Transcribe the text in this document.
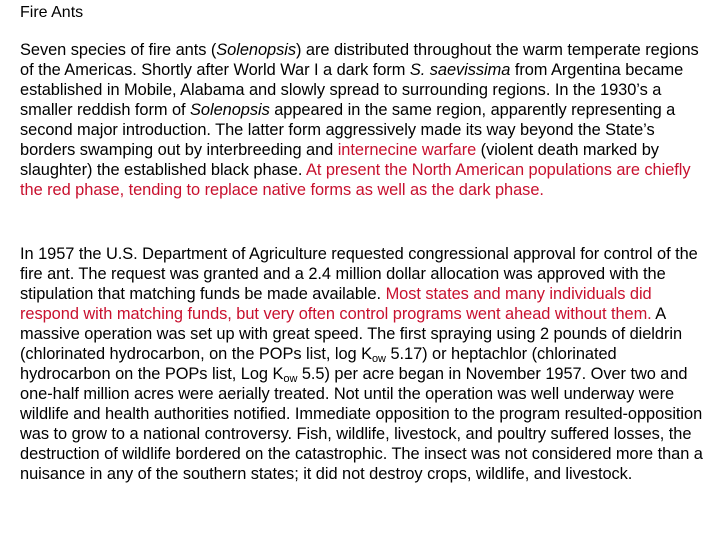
Fire Ants

Seven species of fire ants (Solenopsis) are distributed throughout the warm temperate regions of the Americas. Shortly after World War I a dark form S. saevissima from Argentina became established in Mobile, Alabama and slowly spread to surrounding regions. In the 1930’s a smaller reddish form of Solenopsis appeared in the same region, apparently representing a second major introduction. The latter form aggressively made its way beyond the State’s borders swamping out by interbreeding and internecine warfare (violent death marked by slaughter) the established black phase. At present the North American populations are chiefly the red phase, tending to replace native forms as well as the dark phase.

In 1957 the U.S. Department of Agriculture requested congressional approval for control of the fire ant. The request was granted and a 2.4 million dollar allocation was approved with the stipulation that matching funds be made available. Most states and many individuals did respond with matching funds, but very often control programs went ahead without them. A massive operation was set up with great speed. The first spraying using 2 pounds of dieldrin (chlorinated hydrocarbon, on the POPs list, $\log K_{ow}$ 5.17) or heptachlor (chlorinated hydrocarbon on the POPs list, Log $K_{ow}$ 5.5) per acre began in November 1957. Over two and one-half million acres were aerially treated. Not until the operation was well underway were wildlife and health authorities notified. Immediate opposition to the program resulted-opposition was to grow to a national controversy. Fish, wildlife, livestock, and poultry suffered losses, the destruction of wildlife bordered on the catastrophic. The insect was not considered more than a nuisance in any of the southern states; it did not destroy crops, wildlife, and livestock.
